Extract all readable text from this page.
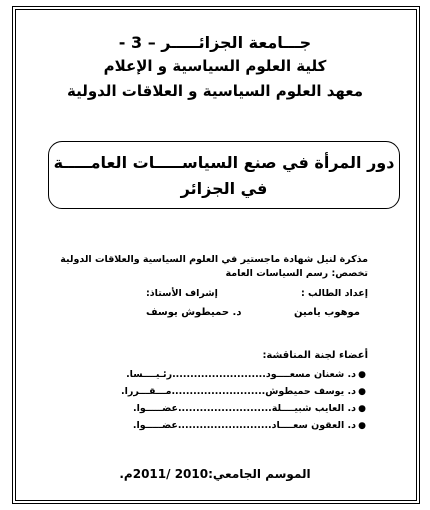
جـــامعة الجزائـــــر – 3 -
كلية العلوم السياسية و الإعلام
معهد العلوم السياسية و العلاقات الدولية
دور المرأة في صنع السياســـــات العامـــــة
في الجزائر
مذكرة لنيل شهادة ماجستير في العلوم السياسية والعلاقات الدولية
تخصص: رسم السياسات العامة
إعداد الطالب :
إشراف الأستاذ:
موهوب يامين
د. حميطوش يوسف
أعضاء لجنة المناقشة:
●
د. شعنان مسعــــود
..........................
رئـيــــسا.
●
د. يوسف حميطوش
..........................
مـــقـــررا.
●
د. العايب شبيــــلة
..........................
عضـــــوا.
●
د. العقون سعــــاد
..........................
عضـــــوا.
الموسم الجامعي:2010 /2011م.
